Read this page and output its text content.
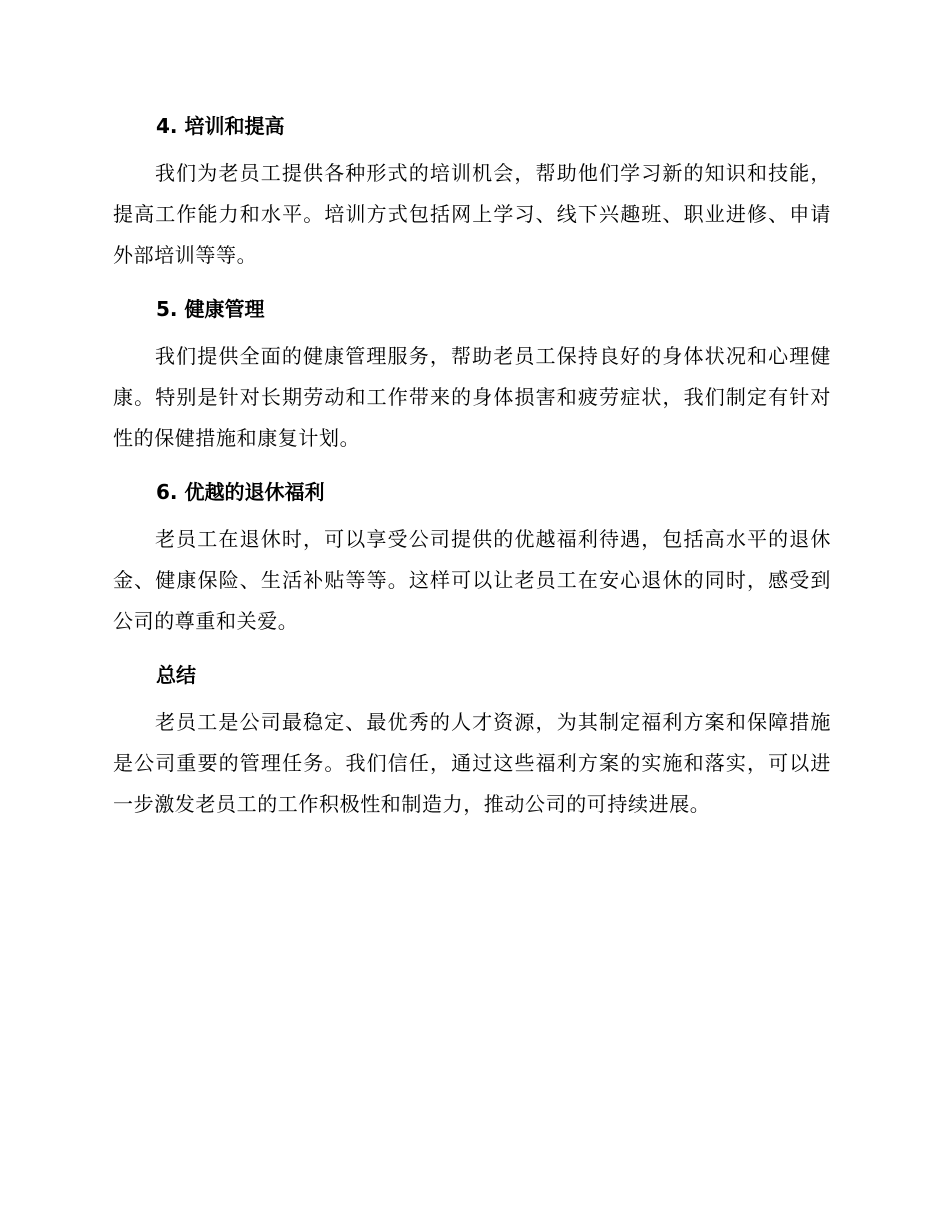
4. 培训和提高

我们为老员工提供各种形式的培训机会，帮助他们学习新的知识和技能，提高工作能力和水平。培训方式包括网上学习、线下兴趣班、职业进修、申请外部培训等等。

5. 健康管理

我们提供全面的健康管理服务，帮助老员工保持良好的身体状况和心理健康。特别是针对长期劳动和工作带来的身体损害和疲劳症状，我们制定有针对性的保健措施和康复计划。

6. 优越的退休福利

老员工在退休时，可以享受公司提供的优越福利待遇，包括高水平的退休金、健康保险、生活补贴等等。这样可以让老员工在安心退休的同时，感受到公司的尊重和关爱。

总结

老员工是公司最稳定、最优秀的人才资源，为其制定福利方案和保障措施是公司重要的管理任务。我们信任，通过这些福利方案的实施和落实，可以进一步激发老员工的工作积极性和制造力，推动公司的可持续进展。
